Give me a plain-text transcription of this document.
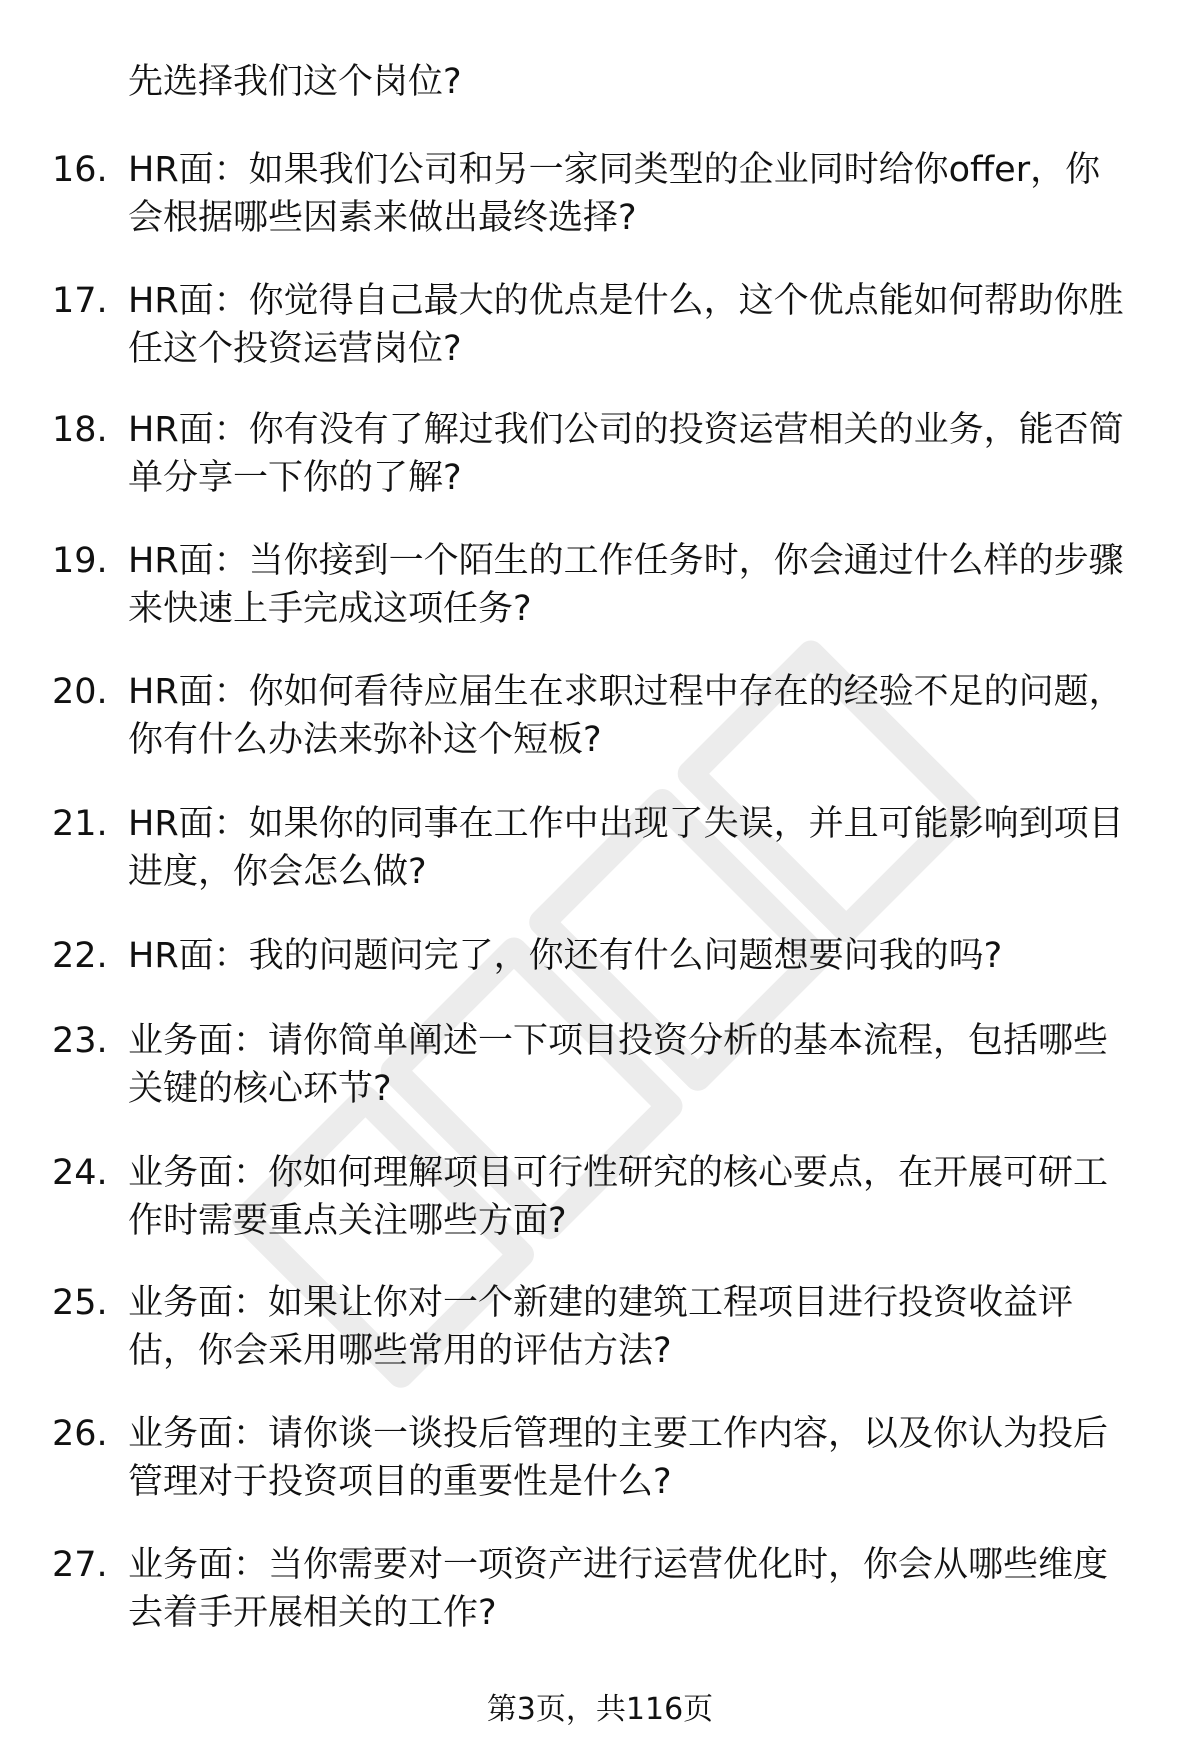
先选择我们这个岗位?
16. HR面：如果我们公司和另一家同类型的企业同时给你offer，你
会根据哪些因素来做出最终选择?
17. HR面：你觉得自己最大的优点是什么，这个优点能如何帮助你胜
任这个投资运营岗位?
18. HR面：你有没有了解过我们公司的投资运营相关的业务，能否简
单分享一下你的了解?
19. HR面：当你接到一个陌生的工作任务时，你会通过什么样的步骤
来快速上手完成这项任务?
20. HR面：你如何看待应届生在求职过程中存在的经验不足的问题，
你有什么办法来弥补这个短板?
21. HR面：如果你的同事在工作中出现了失误，并且可能影响到项目
进度，你会怎么做?
22. HR面：我的问题问完了，你还有什么问题想要问我的吗?
23. 业务面：请你简单阐述一下项目投资分析的基本流程，包括哪些
关键的核心环节?
24. 业务面：你如何理解项目可行性研究的核心要点，在开展可研工
作时需要重点关注哪些方面?
25. 业务面：如果让你对一个新建的建筑工程项目进行投资收益评
估，你会采用哪些常用的评估方法?
26. 业务面：请你谈一谈投后管理的主要工作内容，以及你认为投后
管理对于投资项目的重要性是什么?
27. 业务面：当你需要对一项资产进行运营优化时，你会从哪些维度
去着手开展相关的工作?
第3页，共116页
